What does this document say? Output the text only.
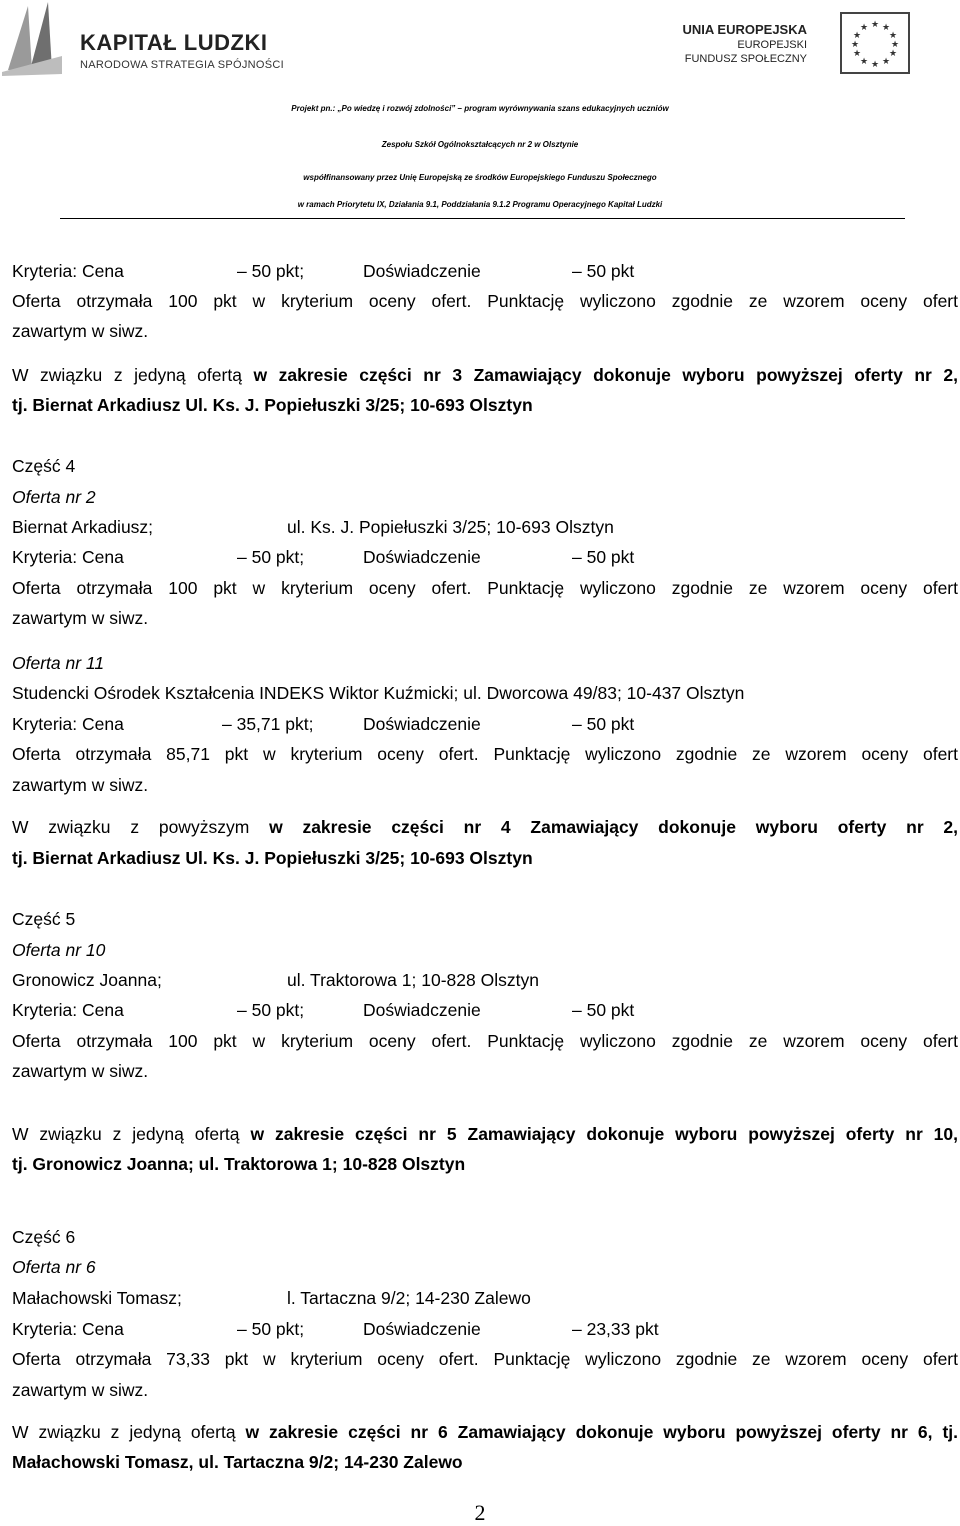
KAPITAŁ LUDZKI
NARODOWA STRATEGIA SPÓJNOŚCI
UNIA EUROPEJSKA
EUROPEJSKI
FUNDUSZ SPOŁECZNY
★ ★
★
★
★
★
★
★
★
★
★
★
Projekt pn.: „Po wiedzę i rozwój zdolności” – program wyrównywania szans edukacyjnych uczniów
Zespołu Szkół Ogólnokształcących nr 2 w Olsztynie
współfinansowany przez Unię Europejską ze środków Europejskiego Funduszu Społecznego
w ramach Priorytetu IX, Działania 9.1, Poddziałania 9.1.2 Programu Operacyjnego Kapitał Ludzki
Kryteria: Cena	– 50 pkt;	Doświadczenie	– 50 pkt
Oferta otrzymała 100 pkt w kryterium oceny ofert. Punktację wyliczono zgodnie ze wzorem oceny ofert
zawartym w siwz.
W związku z jedyną ofertą w zakresie części nr 3 Zamawiający dokonuje wyboru powyższej oferty nr 2,
tj. Biernat Arkadiusz Ul. Ks. J. Popiełuszki 3/25; 10-693 Olsztyn
Część 4
Oferta nr 2
Biernat Arkadiusz;	ul. Ks. J. Popiełuszki 3/25; 10-693 Olsztyn
Kryteria: Cena	– 50 pkt;	Doświadczenie	– 50 pkt
Oferta otrzymała 100 pkt w kryterium oceny ofert. Punktację wyliczono zgodnie ze wzorem oceny ofert
zawartym w siwz.
Oferta nr 11
Studencki Ośrodek Kształcenia INDEKS Wiktor Kuźmicki; ul. Dworcowa 49/83; 10-437 Olsztyn
Kryteria: Cena	– 35,71 pkt;	Doświadczenie	– 50 pkt
Oferta otrzymała 85,71 pkt w kryterium oceny ofert. Punktację wyliczono zgodnie ze wzorem oceny ofert
zawartym w siwz.
W związku z powyższym w zakresie części nr 4 Zamawiający dokonuje wyboru oferty nr 2,
tj. Biernat Arkadiusz Ul. Ks. J. Popiełuszki 3/25; 10-693 Olsztyn
Część 5
Oferta nr 10
Gronowicz Joanna;	ul. Traktorowa 1; 10-828 Olsztyn
Kryteria: Cena	– 50 pkt;	Doświadczenie	– 50 pkt
Oferta otrzymała 100 pkt w kryterium oceny ofert. Punktację wyliczono zgodnie ze wzorem oceny ofert
zawartym w siwz.
W związku z jedyną ofertą w zakresie części nr 5 Zamawiający dokonuje wyboru powyższej oferty nr 10,
tj. Gronowicz Joanna; ul. Traktorowa 1; 10-828 Olsztyn
Część 6
Oferta nr 6
Małachowski Tomasz;	l. Tartaczna 9/2; 14-230 Zalewo
Kryteria: Cena	– 50 pkt;	Doświadczenie	– 23,33 pkt
Oferta otrzymała 73,33 pkt w kryterium oceny ofert. Punktację wyliczono zgodnie ze wzorem oceny ofert
zawartym w siwz.
W związku z jedyną ofertą w zakresie części nr 6 Zamawiający dokonuje wyboru powyższej oferty nr 6, tj.
Małachowski Tomasz, ul. Tartaczna 9/2; 14-230 Zalewo
2
